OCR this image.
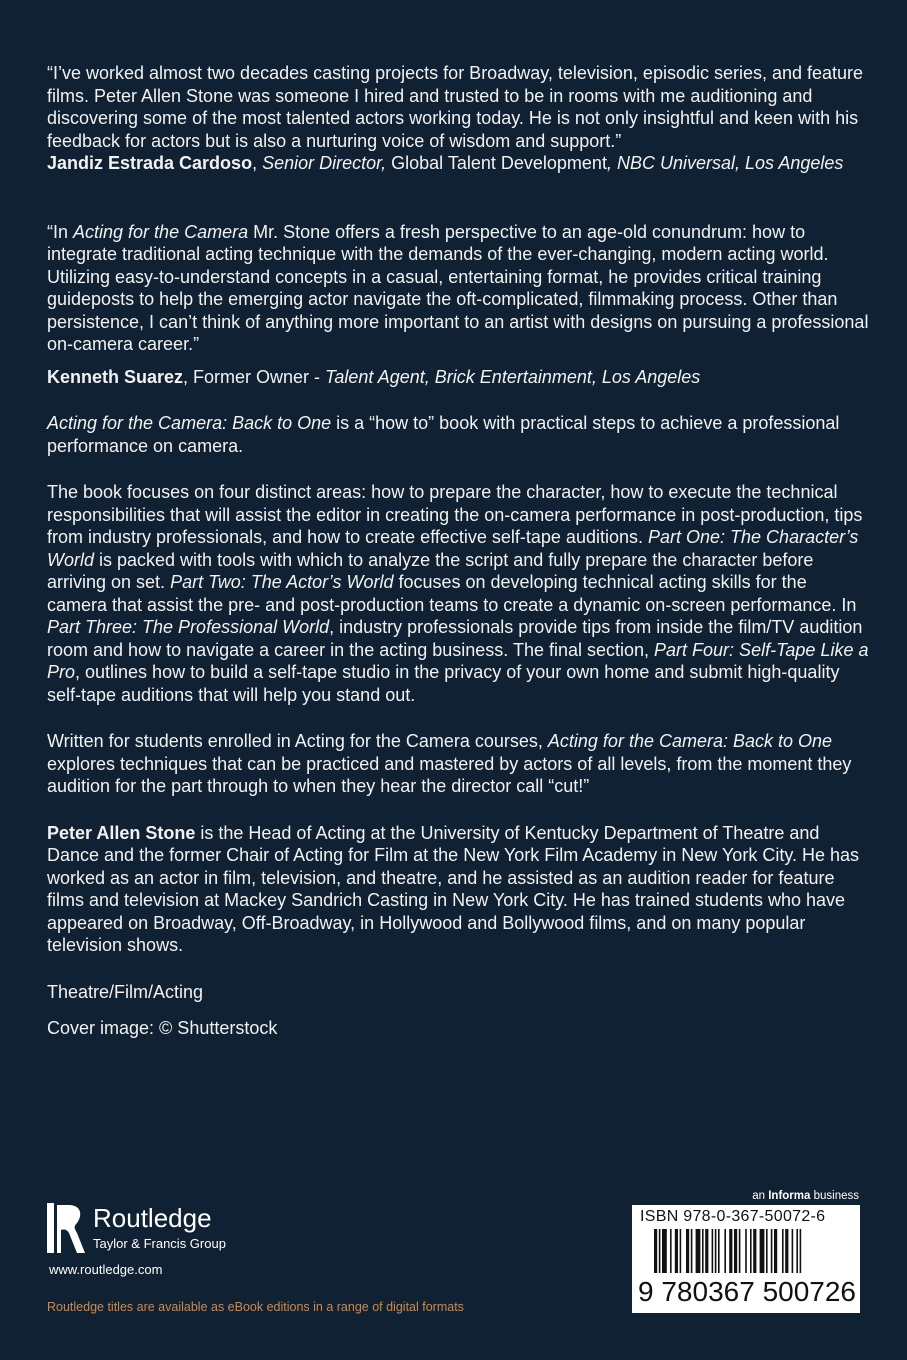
“I’ve worked almost two decades casting projects for Broadway, television, episodic series, and feature films. Peter Allen Stone was someone I hired and trusted to be in rooms with me auditioning and discovering some of the most talented actors working today. He is not only insightful and keen with his feedback for actors but is also a nurturing voice of wisdom and support.”
Jandiz Estrada Cardoso, Senior Director, Global Talent Development, NBC Universal, Los Angeles
“In Acting for the Camera Mr. Stone offers a fresh perspective to an age-old conundrum: how to integrate traditional acting technique with the demands of the ever-changing, modern acting world. Utilizing easy-to-understand concepts in a casual, entertaining format, he provides critical training guideposts to help the emerging actor navigate the oft-complicated, filmmaking process. Other than persistence, I can’t think of anything more important to an artist with designs on pursuing a professional on-camera career.”
Kenneth Suarez, Former Owner - Talent Agent, Brick Entertainment, Los Angeles
Acting for the Camera: Back to One is a “how to” book with practical steps to achieve a professional performance on camera.
The book focuses on four distinct areas: how to prepare the character, how to execute the technical responsibilities that will assist the editor in creating the on-camera performance in post-production, tips from industry professionals, and how to create effective self-tape auditions. Part One: The Character’s World is packed with tools with which to analyze the script and fully prepare the character before arriving on set. Part Two: The Actor’s World focuses on developing technical acting skills for the camera that assist the pre- and post-production teams to create a dynamic on-screen performance. In Part Three: The Professional World, industry professionals provide tips from inside the film/TV audition room and how to navigate a career in the acting business. The final section, Part Four: Self-Tape Like a Pro, outlines how to build a self-tape studio in the privacy of your own home and submit high-quality self-tape auditions that will help you stand out.
Written for students enrolled in Acting for the Camera courses, Acting for the Camera: Back to One explores techniques that can be practiced and mastered by actors of all levels, from the moment they audition for the part through to when they hear the director call “cut!”
Peter Allen Stone is the Head of Acting at the University of Kentucky Department of Theatre and Dance and the former Chair of Acting for Film at the New York Film Academy in New York City. He has worked as an actor in film, television, and theatre, and he assisted as an audition reader for feature films and television at Mackey Sandrich Casting in New York City. He has trained students who have appeared on Broadway, Off-Broadway, in Hollywood and Bollywood films, and on many popular television shows.
Theatre/Film/Acting
Cover image: © Shutterstock
Routledge
Taylor & Francis Group
www.routledge.com
Routledge titles are available as eBook editions in a range of digital formats
an Informa business
ISBN 978-0-367-50072-6
9 780367 500726
